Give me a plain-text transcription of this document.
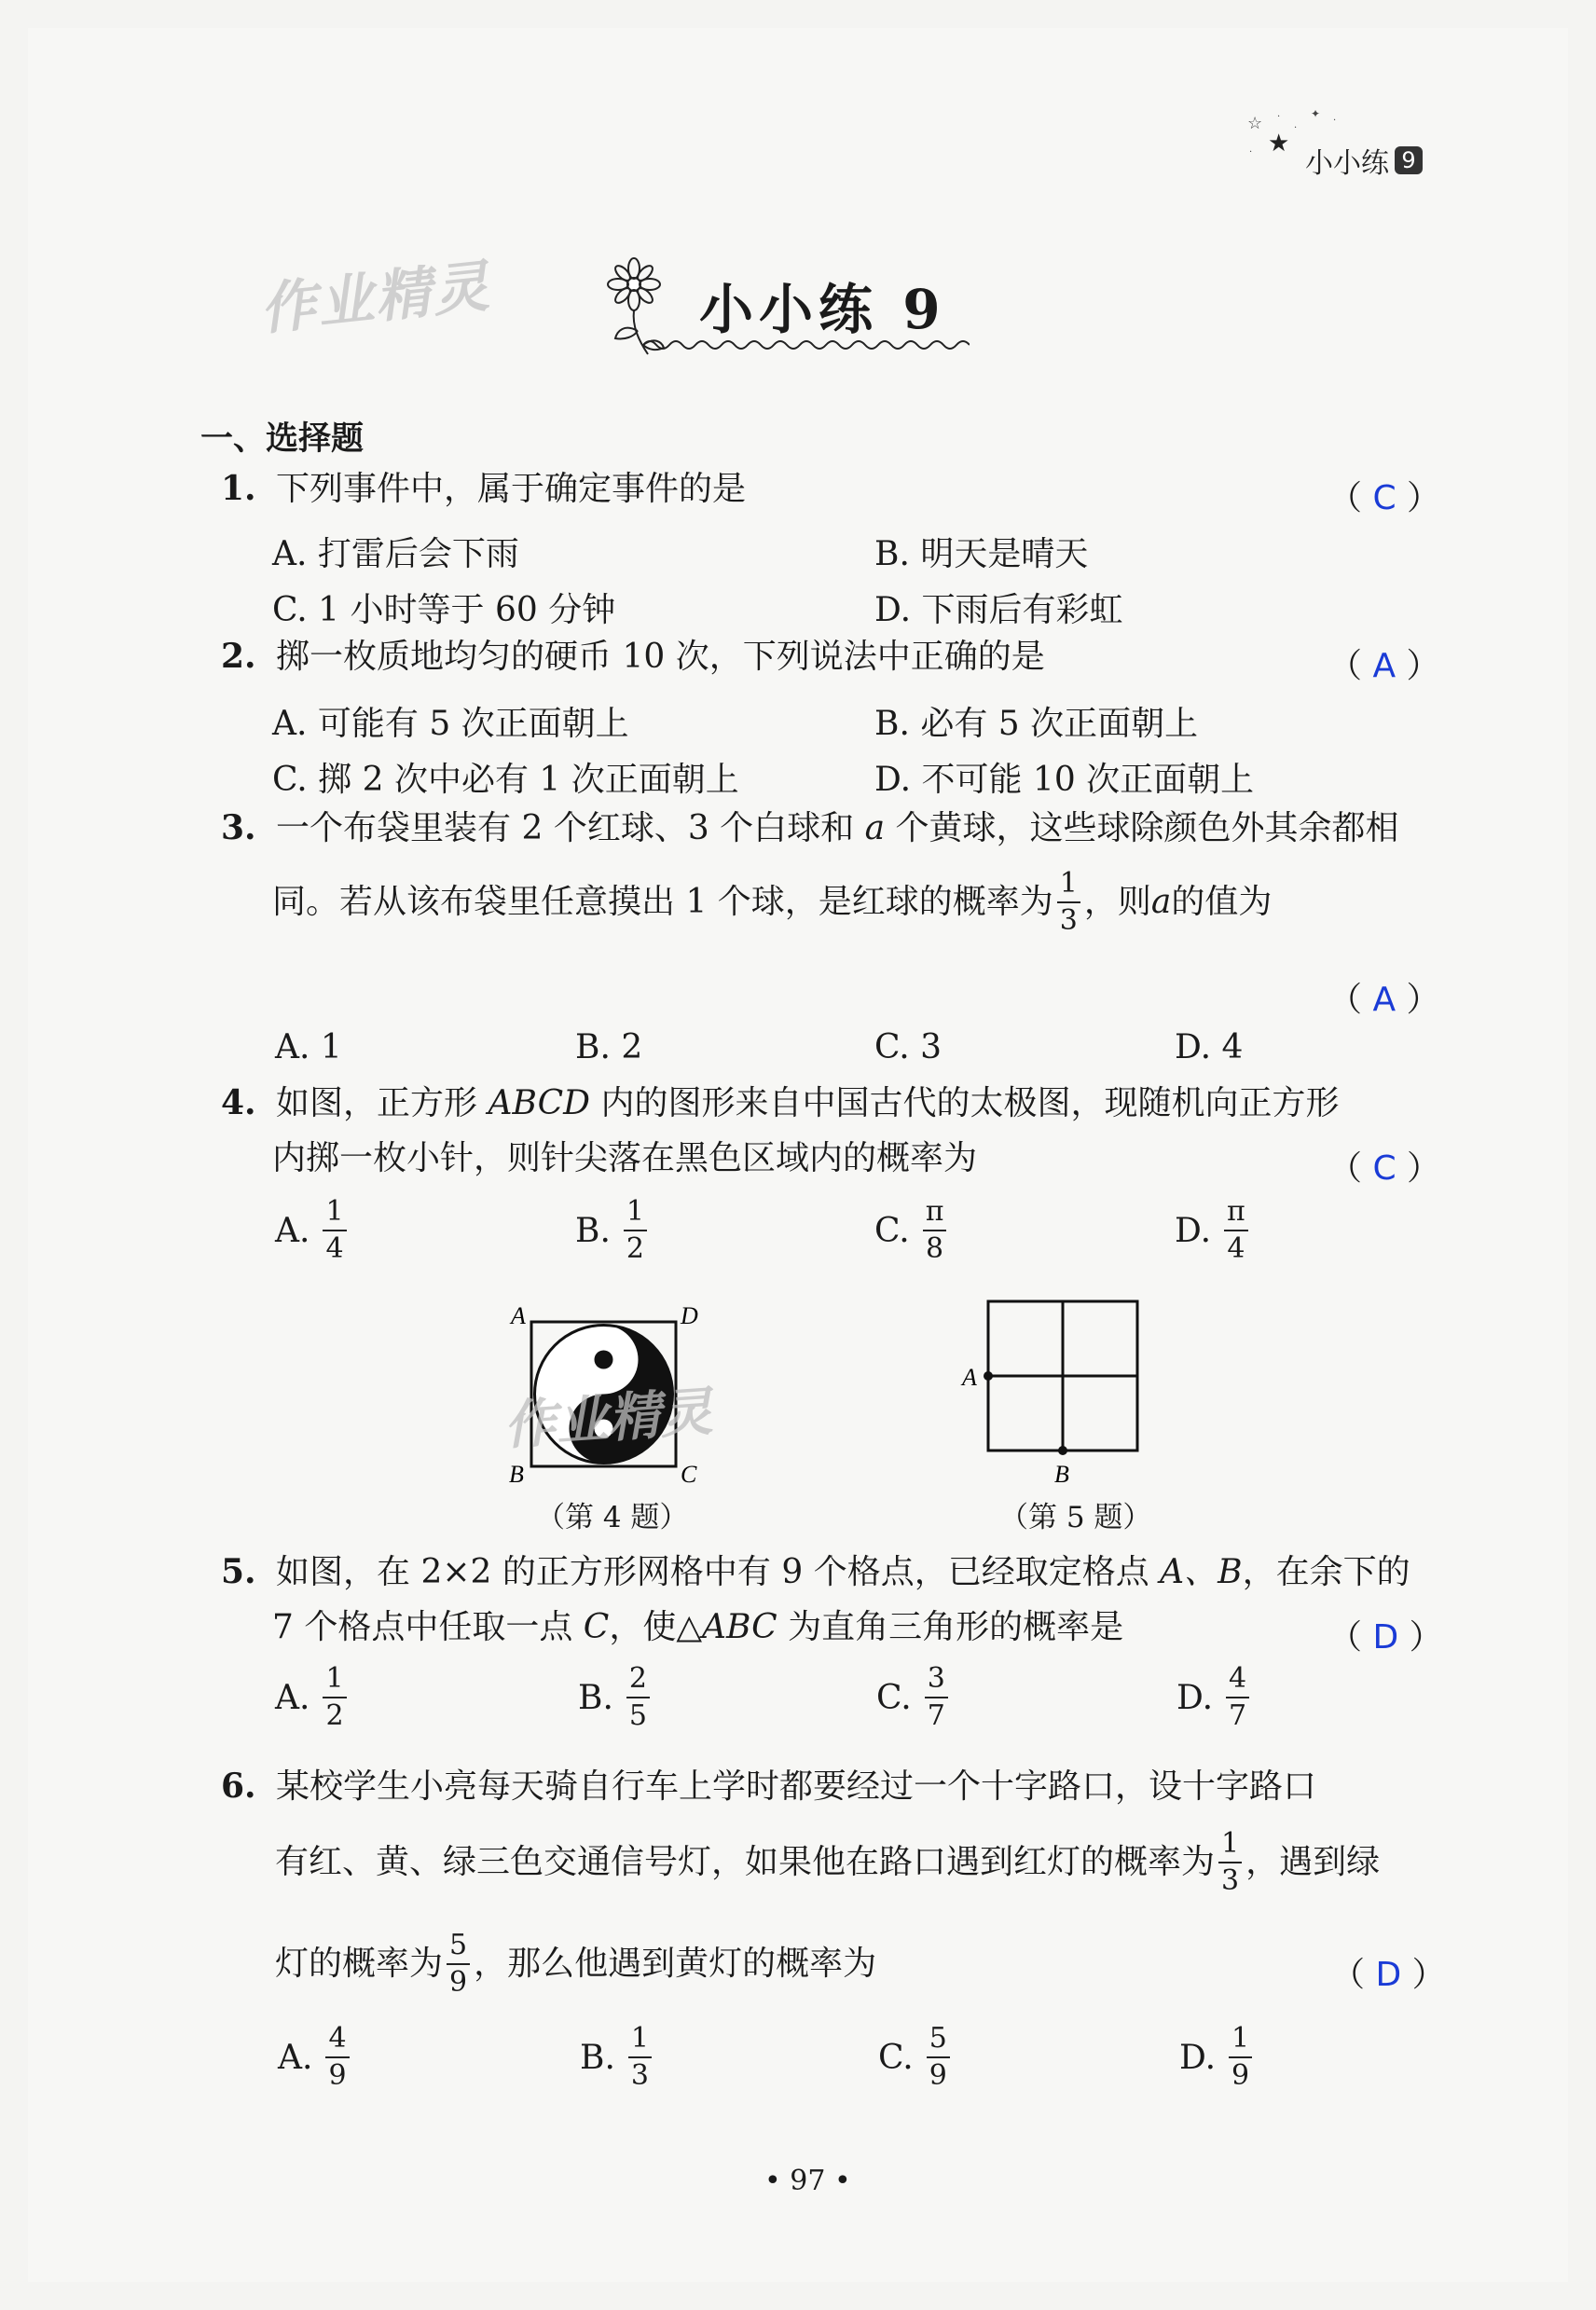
☆ ·
·
✦
·
★
· 小小练 9
作业精灵	小小练 9
一、选择题
1. 下列事件中，属于确定事件的是	（ C ）
A. 打雷后会下雨	B. 明天是晴天
C. 1 小时等于 60 分钟	D. 下雨后有彩虹
2. 掷一枚质地均匀的硬币 10 次，下列说法中正确的是	（ A ）
A. 可能有 5 次正面朝上	B. 必有 5 次正面朝上
C. 掷 2 次中必有 1 次正面朝上	D. 不可能 10 次正面朝上
3. 一个布袋里装有 2 个红球、3 个白球和 a 个黄球，这些球除颜色外其余都相
同。若从该布袋里任意摸出 1 个球，是红球的概率为 $\frac{1}{3}$ ，则 a 的值为
（ A ）
A. 1	B. 2	C. 3	D. 4
4. 如图，正方形 ABCD 内的图形来自中国古代的太极图，现随机向正方形
内掷一枚小针，则针尖落在黑色区域内的概率为	（ C ）
A. $\frac{1}{4}$	B. $\frac{1}{2}$	C. $\frac{\pi}{8}$	D. $\frac{\pi}{4}$
A	D
B	C
作业精灵
（第 4 题）
A
B
（第 5 题）
5. 如图，在 2×2 的正方形网格中有 9 个格点，已经取定格点 A、B，在余下的
7 个格点中任取一点 C，使△ABC 为直角三角形的概率是	（ D ）
A. $\frac{1}{2}$	B. $\frac{2}{5}$	C. $\frac{3}{7}$	D. $\frac{4}{7}$
6. 某校学生小亮每天骑自行车上学时都要经过一个十字路口，设十字路口
有红、黄、绿三色交通信号灯，如果他在路口遇到红灯的概率为 $\frac{1}{3}$ ，遇到绿
灯的概率为 $\frac{5}{9}$ ，那么他遇到黄灯的概率为	（ D ）
A. $\frac{4}{9}$	B. $\frac{1}{3}$	C. $\frac{5}{9}$	D. $\frac{1}{9}$
• 97 •
